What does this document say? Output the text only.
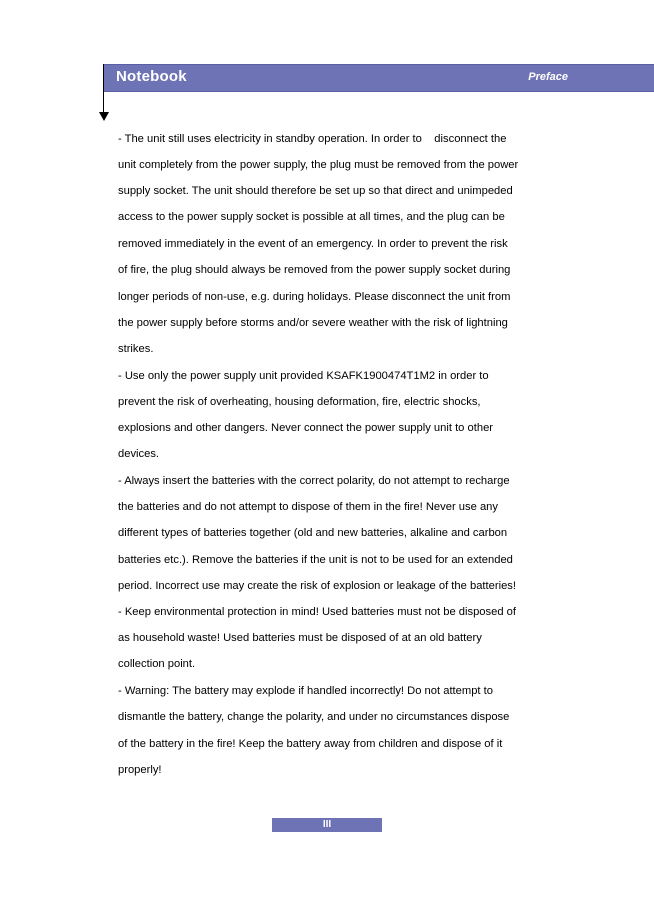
Notebook	Preface
- The unit still uses electricity in standby operation. In order to    disconnect the
unit completely from the power supply, the plug must be removed from the power
supply socket. The unit should therefore be set up so that direct and unimpeded
access to the power supply socket is possible at all times, and the plug can be
removed immediately in the event of an emergency. In order to prevent the risk
of fire, the plug should always be removed from the power supply socket during
longer periods of non-use, e.g. during holidays. Please disconnect the unit from
the power supply before storms and/or severe weather with the risk of lightning
strikes.
- Use only the power supply unit provided KSAFK1900474T1M2 in order to
prevent the risk of overheating, housing deformation, fire, electric shocks,
explosions and other dangers. Never connect the power supply unit to other
devices.
- Always insert the batteries with the correct polarity, do not attempt to recharge
the batteries and do not attempt to dispose of them in the fire! Never use any
different types of batteries together (old and new batteries, alkaline and carbon
batteries etc.). Remove the batteries if the unit is not to be used for an extended
period. Incorrect use may create the risk of explosion or leakage of the batteries!
- Keep environmental protection in mind! Used batteries must not be disposed of
as household waste! Used batteries must be disposed of at an old battery
collection point.
- Warning: The battery may explode if handled incorrectly! Do not attempt to
dismantle the battery, change the polarity, and under no circumstances dispose
of the battery in the fire! Keep the battery away from children and dispose of it
properly!
III
